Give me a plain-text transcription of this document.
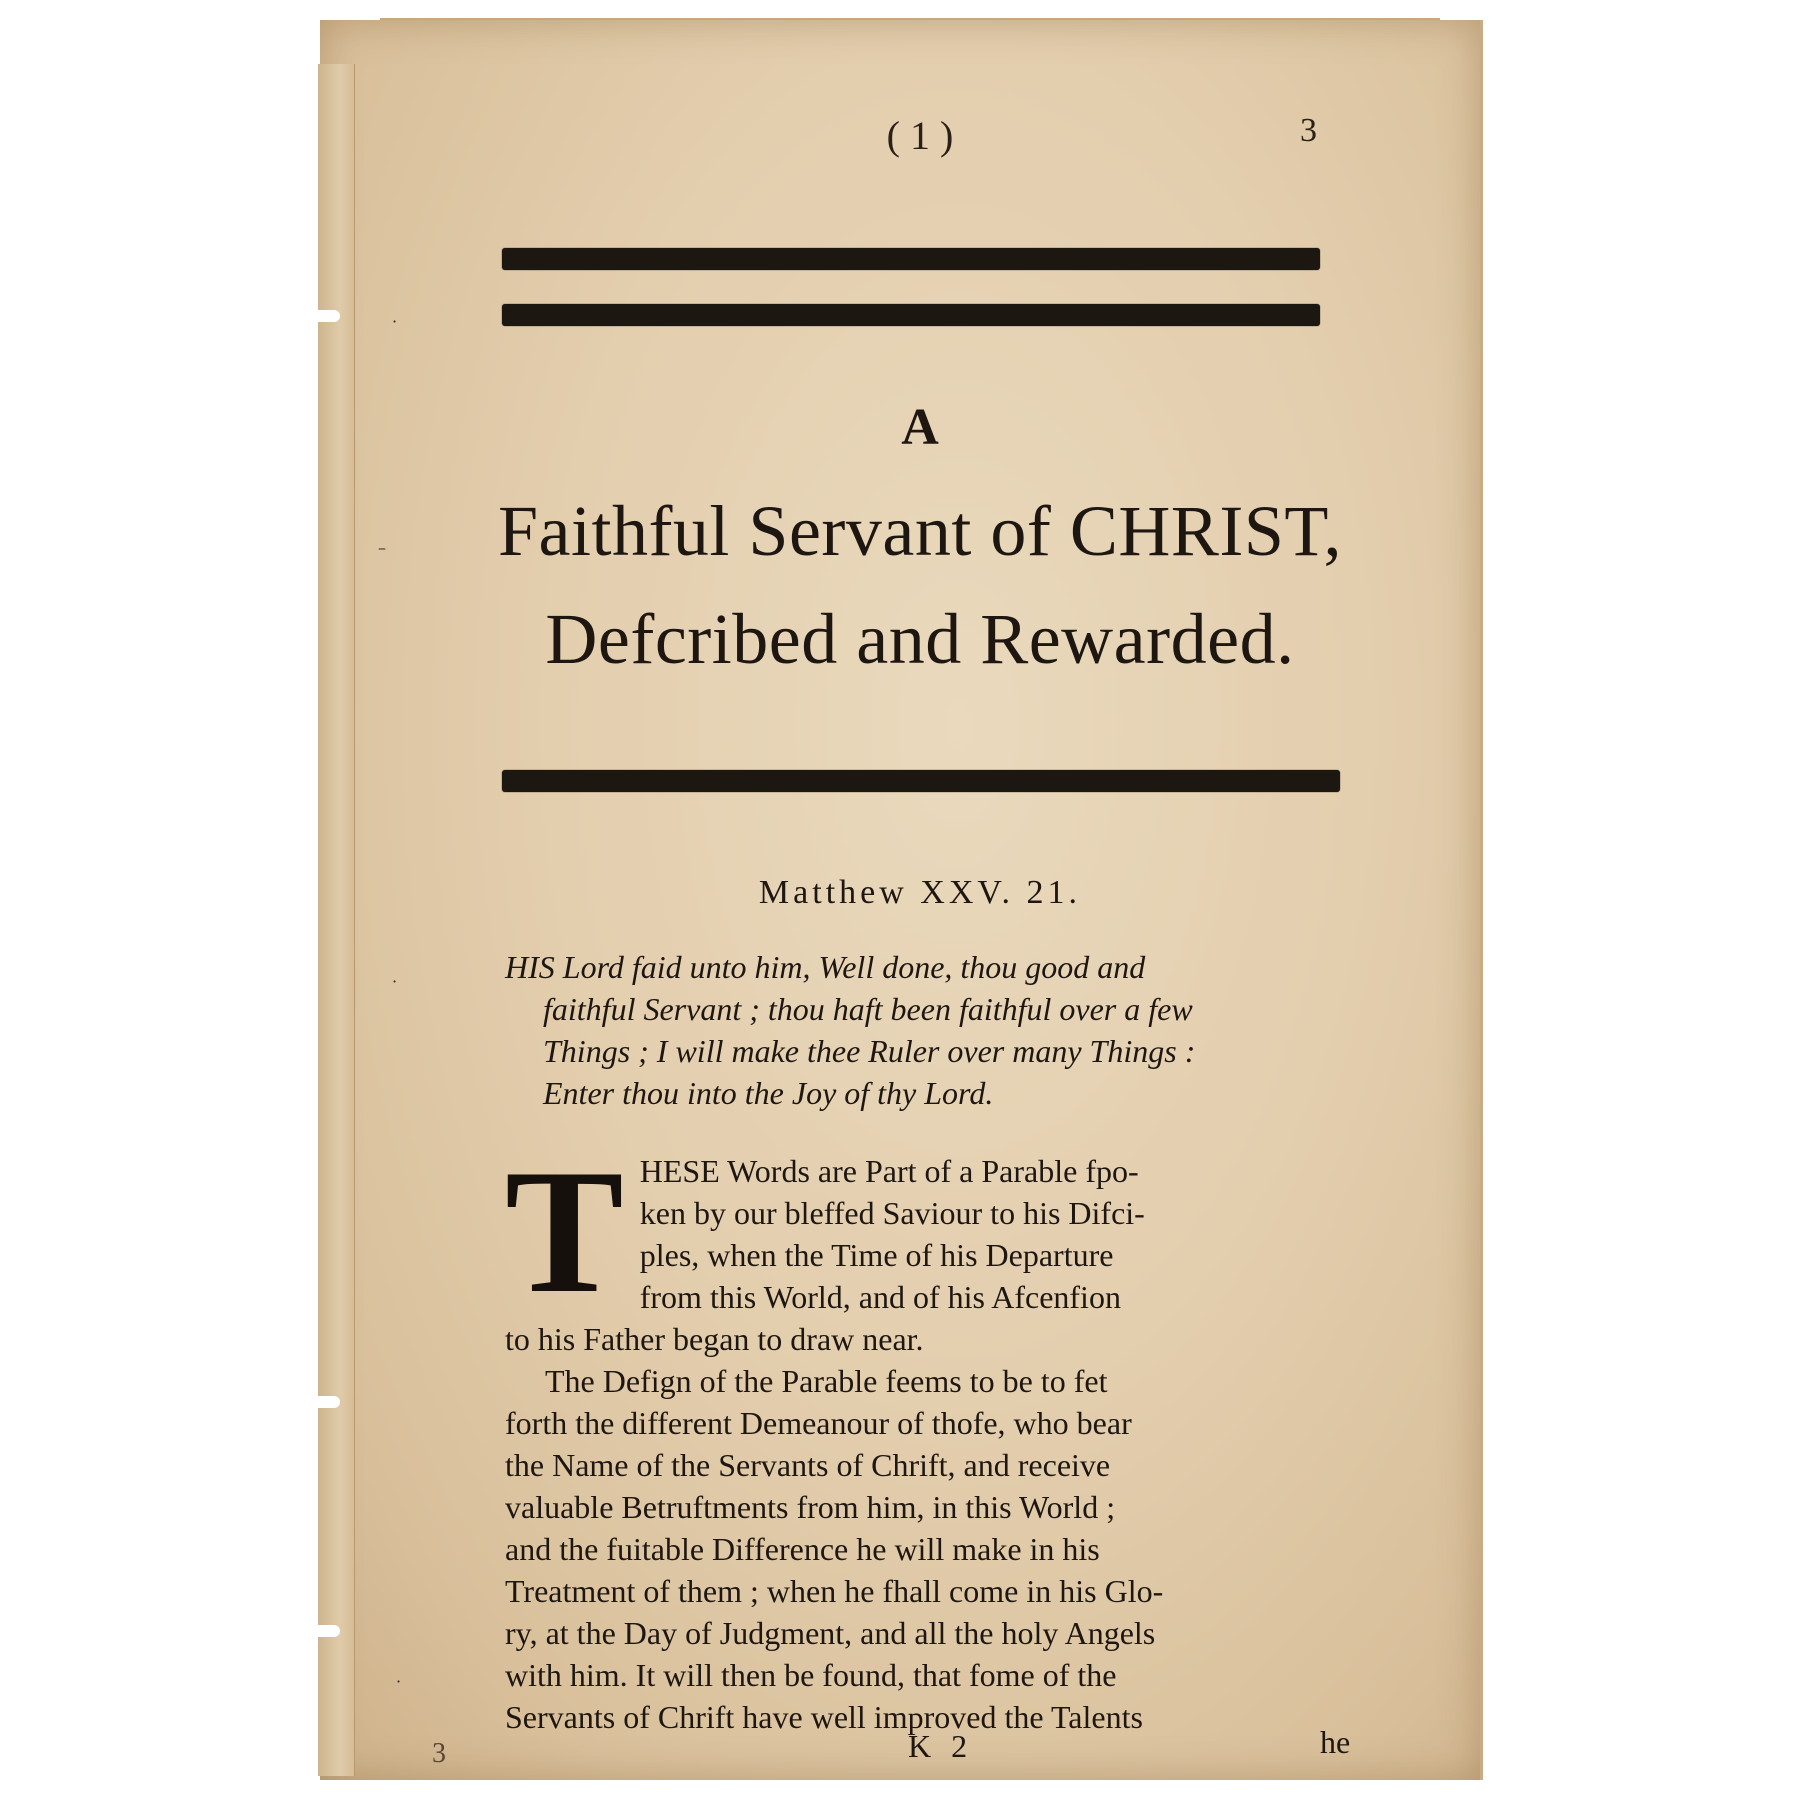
·
–
·
·
( 1 )	3
A
Faithful Servant of CHRIST,
Defcribed and Rewarded.
Matthew XXV. 21.
HIS Lord faid unto him, Well done, thou good and
faithful Servant ; thou haft been faithful over a few
Things ; I will make thee Ruler over many Things :
Enter thou into the Joy of thy Lord.

T HESE Words are Part of a Parable fpo-
ken by our bleffed Saviour to his Difci-
ples, when the Time of his Departure
from this World, and of his Afcenfion
to his Father began to draw near.

The Defign of the Parable feems to be to fet
forth the different Demeanour of thofe, who bear
the Name of the Servants of Chrift, and receive
valuable Betruftments from him, in this World ;
and the fuitable Difference he will make in his
Treatment of them ; when he fhall come in his Glo-
ry, at the Day of Judgment, and all the holy Angels
with him. It will then be found, that fome of the
Servants of Chrift have well improved the Talents

3	K 2	he
